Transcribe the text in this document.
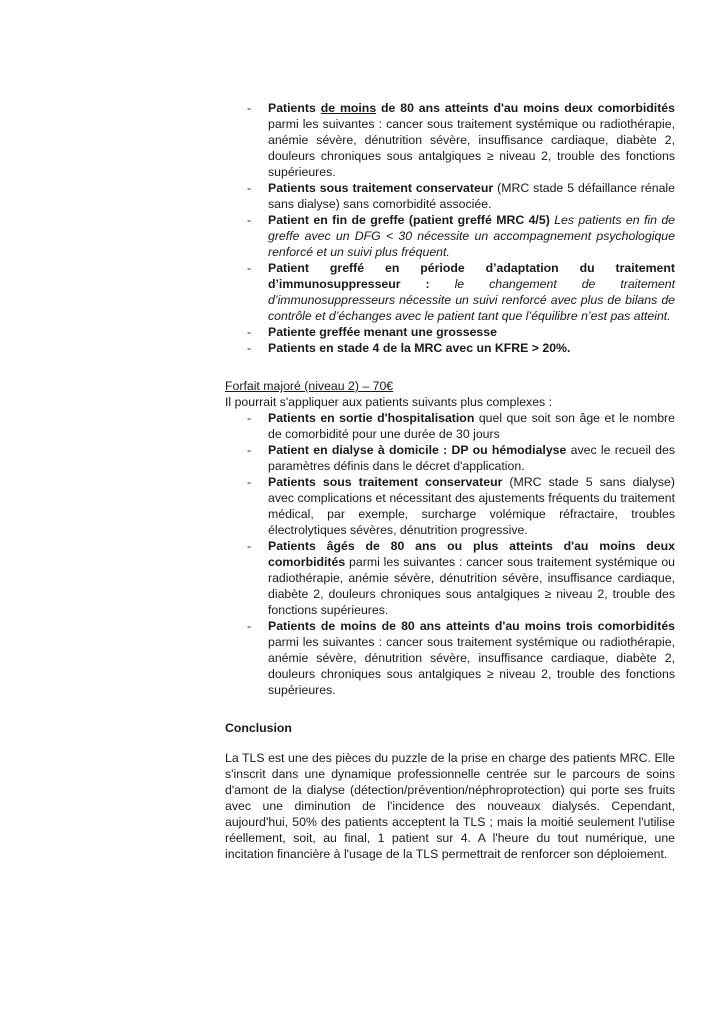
- Patients de moins de 80 ans atteints d'au moins deux comorbidités parmi les suivantes : cancer sous traitement systémique ou radiothérapie, anémie sévère, dénutrition sévère, insuffisance cardiaque, diabète 2, douleurs chroniques sous antalgiques ≥ niveau 2, trouble des fonctions supérieures.
- Patients sous traitement conservateur (MRC stade 5 défaillance rénale sans dialyse) sans comorbidité associée.
- Patient en fin de greffe (patient greffé MRC 4/5) Les patients en fin de greffe avec un DFG < 30 nécessite un accompagnement psychologique renforcé et un suivi plus fréquent.
- Patient greffé en période d’adaptation du traitement d’immunosuppresseur : le changement de traitement d’immunosuppresseurs nécessite un suivi renforcé avec plus de bilans de contrôle et d’échanges avec le patient tant que l’équilibre n’est pas atteint.
- Patiente greffée menant une grossesse
- Patients en stade 4 de la MRC avec un KFRE > 20%.
Forfait majoré (niveau 2) – 70€
Il pourrait s'appliquer aux patients suivants plus complexes :
- Patients en sortie d'hospitalisation quel que soit son âge et le nombre de comorbidité pour une durée de 30 jours
- Patient en dialyse à domicile : DP ou hémodialyse avec le recueil des paramètres définis dans le décret d'application.
- Patients sous traitement conservateur (MRC stade 5 sans dialyse) avec complications et nécessitant des ajustements fréquents du traitement médical, par exemple, surcharge volémique réfractaire, troubles électrolytiques sévères, dénutrition progressive.
- Patients âgés de 80 ans ou plus atteints d'au moins deux comorbidités parmi les suivantes : cancer sous traitement systémique ou radiothérapie, anémie sévère, dénutrition sévère, insuffisance cardiaque, diabète 2, douleurs chroniques sous antalgiques ≥ niveau 2, trouble des fonctions supérieures.
- Patients de moins de 80 ans atteints d'au moins trois comorbidités parmi les suivantes : cancer sous traitement systémique ou radiothérapie, anémie sévère, dénutrition sévère, insuffisance cardiaque, diabète 2, douleurs chroniques sous antalgiques ≥ niveau 2, trouble des fonctions supérieures.
Conclusion
La TLS est une des pièces du puzzle de la prise en charge des patients MRC. Elle s'inscrit dans une dynamique professionnelle centrée sur le parcours de soins d'amont de la dialyse (détection/prévention/néphroprotection) qui porte ses fruits avec une diminution de l'incidence des nouveaux dialysés. Cependant, aujourd'hui, 50% des patients acceptent la TLS ; mais la moitié seulement l'utilise réellement, soit, au final, 1 patient sur 4. A l'heure du tout numérique, une incitation financière à l'usage de la TLS permettrait de renforcer son déploiement.
